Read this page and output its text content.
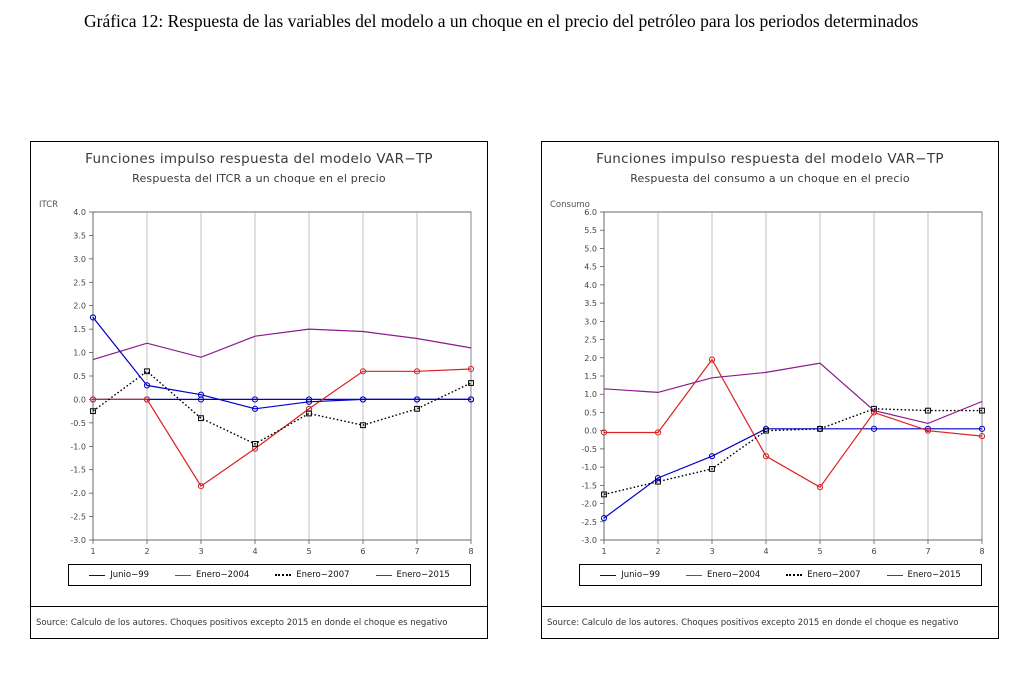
Gráfica 12: Respuesta de las variables del modelo a un choque en el precio del petróleo para los periodos determinados
Funciones impulso respuesta del modelo VAR−TP
Respuesta del ITCR a un choque en el precio
ITCR
-3.0
-2.5
-2.0
-1.5
-1.0
-0.5
0.0
0.5
1.0
1.5
2.0
2.5
3.0
3.5
4.0
1	2	3	4	5	6	7	8
Junio−99	Enero−2004	Enero−2007	Enero−2015
Source: Calculo de los autores. Choques positivos excepto 2015 en donde el choque es negativo
Funciones impulso respuesta del modelo VAR−TP
Respuesta del consumo a un choque en el precio
Consumo
-3.0
-2.5
-2.0
-1.5
-1.0
-0.5
0.0
0.5
1.0
1.5
2.0
2.5
3.0
3.5
4.0
4.5
5.0
5.5
6.0
1	2	3	4	5	6	7	8
Junio−99	Enero−2004	Enero−2007	Enero−2015
Source: Calculo de los autores. Choques positivos excepto 2015 en donde el choque es negativo
